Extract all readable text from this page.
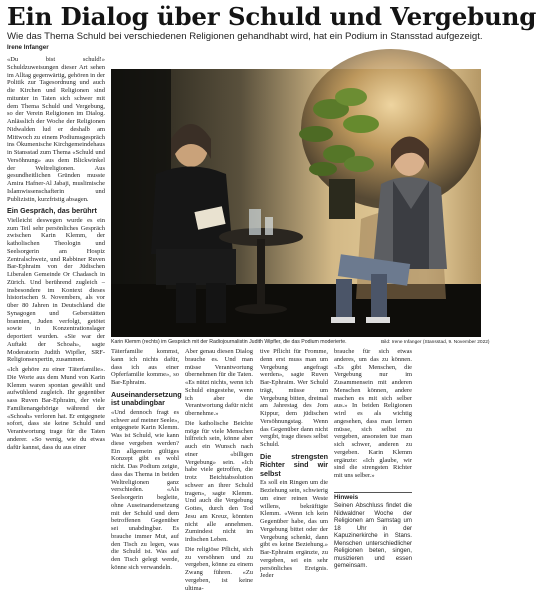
Ein Dialog über Schuld und Vergebung
Wie das Thema Schuld bei verschiedenen Religionen gehandhabt wird, hat ein Podium in Stansstad aufgezeigt.
Irene Infanger

«Du bist schuld!» Schuldzuweisungen dieser Art sehen im Alltag gegenwärtig, gehören in der Politik zur Tagesordnung und auch die Kirchen und Religionen sind mitunter in Taten sich schwer mit dem Thema Schuld und Vergebung, so der Verein Religionen im Dialog. Anlässlich der Woche der Religionen Nidwalden lud er deshalb am Mittwoch zu einem Podiumsgespräch ins Ökumenische Kirchgemeindehaus in Stansstad zum Thema «Schuld und Versöhnung» aus dem Blickwinkel der Weltreligionen. Aus gesundheitlichen Gründen musste Amira Hafner-Al Jabaji, muslimische Islamwissenschafterin und Publizistin, kurzfristig absagen.

Ein Gespräch, das berührt

Vielleicht deswegen wurde es ein zum Teil sehr persönliches Gespräch zwischen Karin Klemm, der katholischen Theologin und Seelsorgerin am Hospiz Zentralschweiz, und Rabbiner Ruven Bar-Ephraim von der Jüdischen Liberalen Gemeinde Or Chadasch in Zürich. Und berührend zugleich – insbesondere im Kontext dieses historischen 9. Novembers, als vor über 80 Jahren in Deutschland die Synagogen und Geberstätten brannten, Juden verfolgt, getötet sowie in Konzentrationslager deportiert wurden. «Sie war der Auftakt der Schoah», sagte Moderatorin Judith Wipfler, SRF-Religionsexpertin, zusammen.

«Ich gehöre zu einer Täterfamilie». Die Worte aus dem Mund von Karin Klemm waren spontan gewählt und aufwühlend zugleich. Ihr gegenüber sass Ruven Bar-Ephraim, der viele Familienangehörige während der «Schoah» verloren hat. Er entgegnete sofort, dass sie keine Schuld und Verantwortung trage für die Taten anderer. «So wenig, wie du etwas dafür kannst, dass du aus einer

Karin Klemm (rechts) im Gespräch mit der Radiojournalistin Judith Wipfler, die das Podium moderierte.	Bild: Irene Infanger (Stansstad, 9. November 2022)

Täterfamilie kommst, kann ich nichts dafür, dass ich aus einer Opferfamilie komme», so Bar-Ephraim.

Auseinandersetzung ist unabdingbar

«Und dennoch fragt es schwer auf meiner Seele», entgegnete Karin Klemm. Was ist Schuld, wie kann diese vergeben werden? Ein allgemein gültiges Konzept gibt es wohl nicht. Das Podium zeigte, dass das Thema in beiden Weltreligionen ganz verschieden. «Als Seelsorgerin begleite, ohne Auseinandersetzung mit der Schuld und dem betroffenen Gegenüber sei unabdingbar. Es brauche immer Mut, auf den Tisch zu legen, was die Schuld ist. Was auf den Tisch gelegt werde, könne sich verwandeln.

Aber genau diesen Dialog brauche es. Und man müsse Verantwortung übernehmen für die Taten. «Es nützt nichts, wenn ich Schuld eingestehe, wenn ich aber die Verantwortung dafür nicht übernehme.»

Die katholische Beichte möge für viele Menschen hilfreich sein, könne aber auch ein Wunsch nach einer «billigen Vergebung» sein. «Ich habe viele getroffen, die trotz Beichtabsolution schwer an ihrer Schuld tragen», sagte Klemm. Und auch die Vergebung Gottes, durch den Tod Jesu am Kreuz, könnten nicht alle annehmen. Zumindest nicht im irdischen Leben.

Die religiöse Pflicht, sich zu versöhnen und zu vergeben, könne zu einem Zwang führen. «Zu vergeben, ist keine ultima-

tive Pflicht für Fromme, denn erst muss man um Vergebung angefragt werden», sagte Ruven Bar-Ephraim. Wer Schuld trägt, müsse um Vergebung bitten, dreimal am Jahrestag des Jom Kippur, dem jüdischen Versöhnungstag. Wenn das Gegenüber dann nicht vergibt, trage dieses selbst Schuld.

Die strengsten Richter sind wir selbst

Es soll ein Ringen um die Beziehung sein, schwierig um einer reinen Weste willens, bekräftigte Klemm. «Wenn ich kein Gegenüber habe, das um Vergebung bittet oder der Vergebung schenkt, dann gibt es keine Beziehung.» Bar-Ephraim ergänzte, zu vergeben, sei ein sehr persönliches Ereignis. Jeder

brauche für sich etwas anderes, um das zu können. «Es gibt Menschen, die Vergebung nur im Zusammensein mit anderen Menschen können, andere machen es mit sich selber aus.» In beiden Religionen wird es als wichtig angesehen, dass man lernen müsse, sich selbst zu vergeben, ansonsten tue man sich schwer, anderen zu vergeben. Karin Klemm ergänzte: «Ich glaube, wir sind die strengsten Richter mit uns selber.»

Hinweis
Seinen Abschluss findet die Nidwaldner Woche der Religionen am Samstag um 18 Uhr in der Kapuzinerkirche in Stans. Menschen unterschiedlicher Religionen beten, singen, musizieren und essen gemeinsam.
